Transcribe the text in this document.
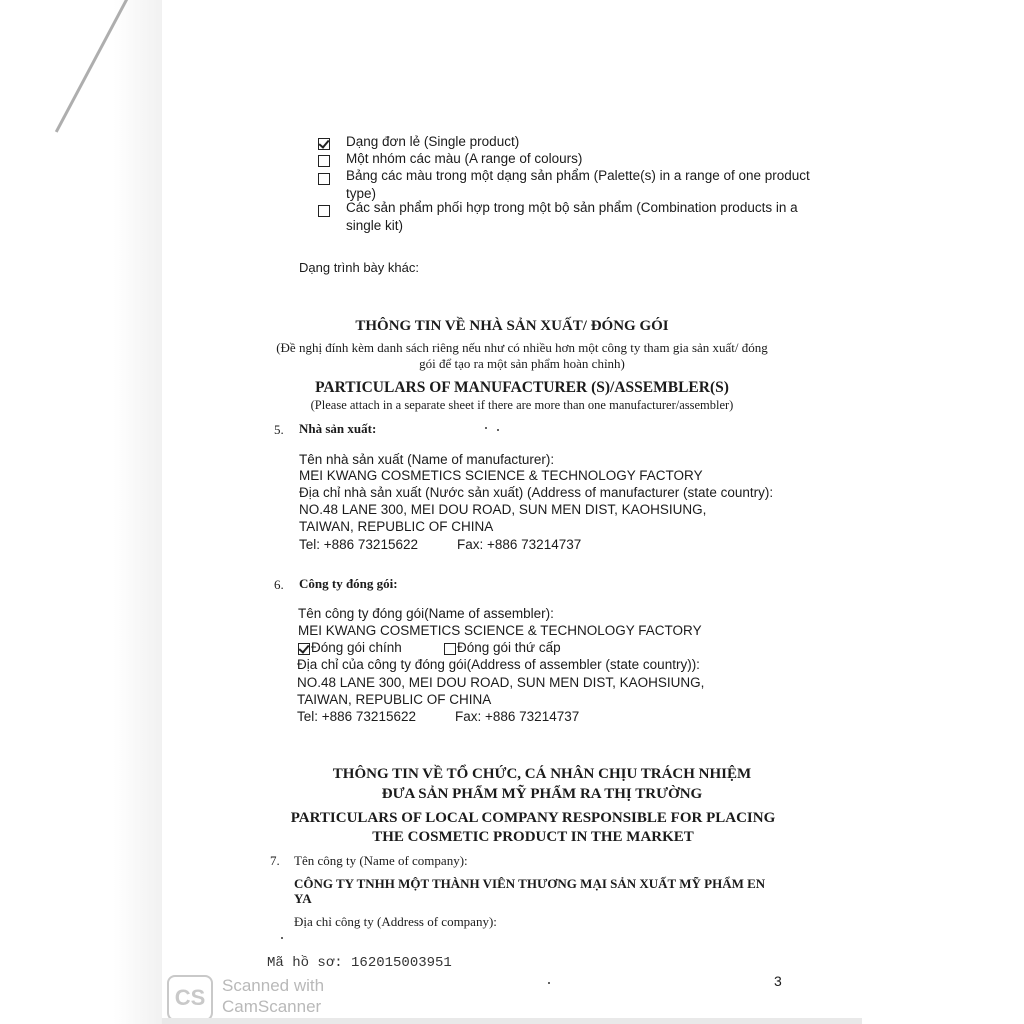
Dạng đơn lẻ (Single product)
Một nhóm các màu (A range of colours)
Bảng các màu trong một dạng sản phẩm (Palette(s) in a range of one product
type)
Các sản phẩm phối hợp trong một bộ sản phẩm (Combination products in a
single kit)
Dạng trình bày khác:
THÔNG TIN VỀ NHÀ SẢN XUẤT/ ĐÓNG GÓI
(Đề nghị đính kèm danh sách riêng nếu như có nhiều hơn một công ty tham gia sản xuất/ đóng
gói để tạo ra một sản phẩm hoàn chỉnh)
PARTICULARS OF MANUFACTURER (S)/ASSEMBLER(S)
(Please attach in a separate sheet if there are more than one manufacturer/assembler)
5. Nhà sản xuất:
Tên nhà sản xuất (Name of manufacturer):
MEI KWANG COSMETICS SCIENCE & TECHNOLOGY FACTORY
Địa chỉ nhà sản xuất (Nước sản xuất) (Address of manufacturer (state country):
NO.48 LANE 300, MEI DOU ROAD, SUN MEN DIST, KAOHSIUNG,
TAIWAN, REPUBLIC OF CHINA
Tel: +886 73215622	Fax: +886 73214737
6. Công ty đóng gói:
Tên công ty đóng gói(Name of assembler):
MEI KWANG COSMETICS SCIENCE & TECHNOLOGY FACTORY
Đóng gói chính	Đóng gói thứ cấp
Địa chỉ của công ty đóng gói(Address of assembler (state country)):
NO.48 LANE 300, MEI DOU ROAD, SUN MEN DIST, KAOHSIUNG,
TAIWAN, REPUBLIC OF CHINA
Tel: +886 73215622	Fax: +886 73214737
THÔNG TIN VỀ TỔ CHỨC, CÁ NHÂN CHỊU TRÁCH NHIỆM
ĐƯA SẢN PHẨM MỸ PHẨM RA THỊ TRƯỜNG
PARTICULARS OF LOCAL COMPANY RESPONSIBLE FOR PLACING
THE COSMETIC PRODUCT IN THE MARKET
7. Tên công ty (Name of company):
CÔNG TY TNHH MỘT THÀNH VIÊN THƯƠNG MẠI SẢN XUẤT MỸ PHẨM EN
YA
Địa chỉ công ty (Address of company):
Mã hồ sơ: 162015003951
3
CS Scanned with
CamScanner
